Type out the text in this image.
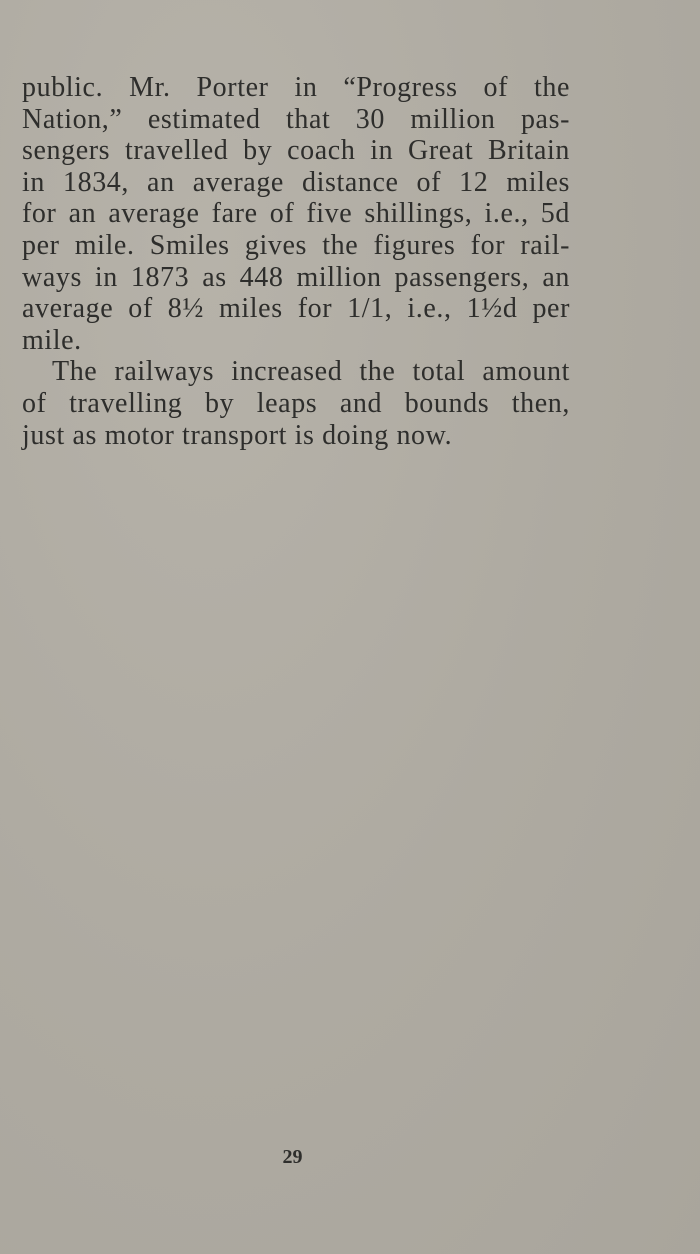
public. Mr. Porter in “Progress of the
Nation,” estimated that 30 million pas-
sengers travelled by coach in Great Britain
in 1834, an average distance of 12 miles
for an average fare of five shillings, i.e., 5d
per mile. Smiles gives the figures for rail-
ways in 1873 as 448 million passengers, an
average of 8½ miles for 1/1, i.e., 1½d per
mile.
The railways increased the total amount
of travelling by leaps and bounds then,
just as motor transport is doing now.
29
